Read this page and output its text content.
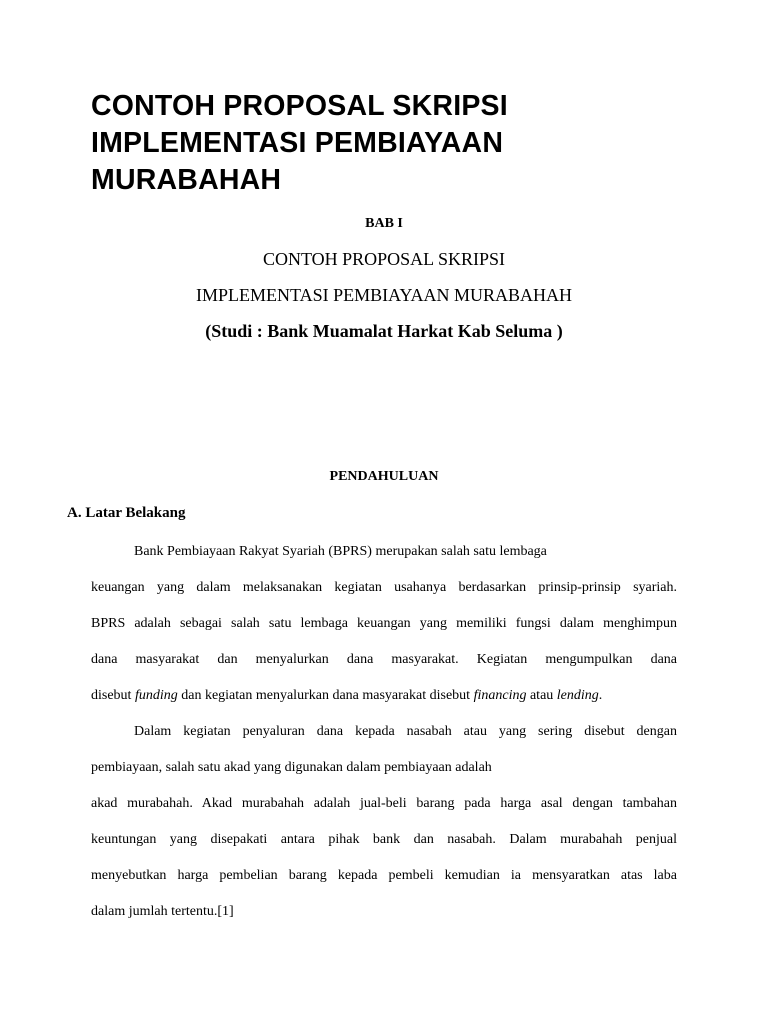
CONTOH PROPOSAL SKRIPSI
IMPLEMENTASI PEMBIAYAAN
MURABAHAH
BAB I
CONTOH PROPOSAL SKRIPSI
IMPLEMENTASI PEMBIAYAAN MURABAHAH
(Studi : Bank Muamalat Harkat Kab Seluma )
PENDAHULUAN
A. Latar Belakang
Bank Pembiayaan Rakyat Syariah (BPRS) merupakan salah satu lembaga
keuangan yang dalam melaksanakan kegiatan usahanya berdasarkan prinsip-prinsip syariah.
BPRS adalah sebagai salah satu lembaga keuangan yang memiliki fungsi dalam menghimpun
dana masyarakat dan menyalurkan dana masyarakat. Kegiatan mengumpulkan dana
disebut funding dan kegiatan menyalurkan dana masyarakat disebut financing atau lending.
Dalam kegiatan penyaluran dana kepada nasabah atau yang sering disebut dengan
pembiayaan, salah satu akad yang digunakan dalam pembiayaan adalah
akad murabahah. Akad murabahah adalah jual-beli barang pada harga asal dengan tambahan
keuntungan yang disepakati antara pihak bank dan nasabah. Dalam murabahah penjual
menyebutkan harga pembelian barang kepada pembeli kemudian ia mensyaratkan atas laba
dalam jumlah tertentu.[1]
